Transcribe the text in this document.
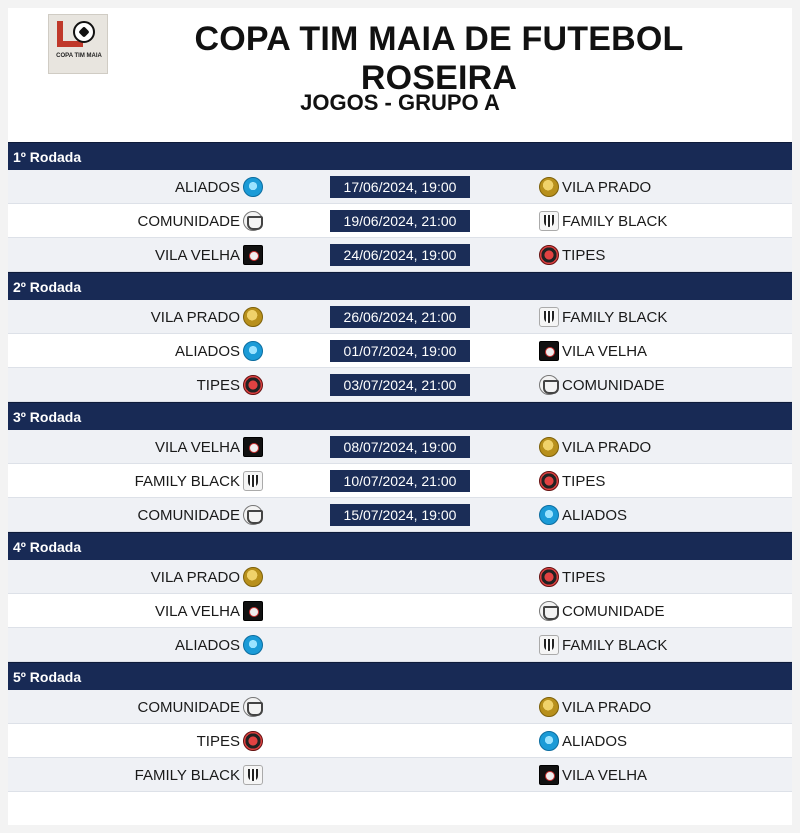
COPA TIM MAIA	COPA TIM MAIA DE FUTEBOL ROSEIRA
JOGOS - GRUPO A
1º Rodada
ALIADOS	17/06/2024, 19:00	VILA PRADO
COMUNIDADE	19/06/2024, 21:00	FAMILY BLACK
VILA VELHA	24/06/2024, 19:00	TIPES
2º Rodada
VILA PRADO	26/06/2024, 21:00	FAMILY BLACK
ALIADOS	01/07/2024, 19:00	VILA VELHA
TIPES	03/07/2024, 21:00	COMUNIDADE
3º Rodada
VILA VELHA	08/07/2024, 19:00	VILA PRADO
FAMILY BLACK	10/07/2024, 21:00	TIPES
COMUNIDADE	15/07/2024, 19:00	ALIADOS
4º Rodada
VILA PRADO	TIPES
VILA VELHA	COMUNIDADE
ALIADOS	FAMILY BLACK
5º Rodada
COMUNIDADE	VILA PRADO
TIPES	ALIADOS
FAMILY BLACK	VILA VELHA
